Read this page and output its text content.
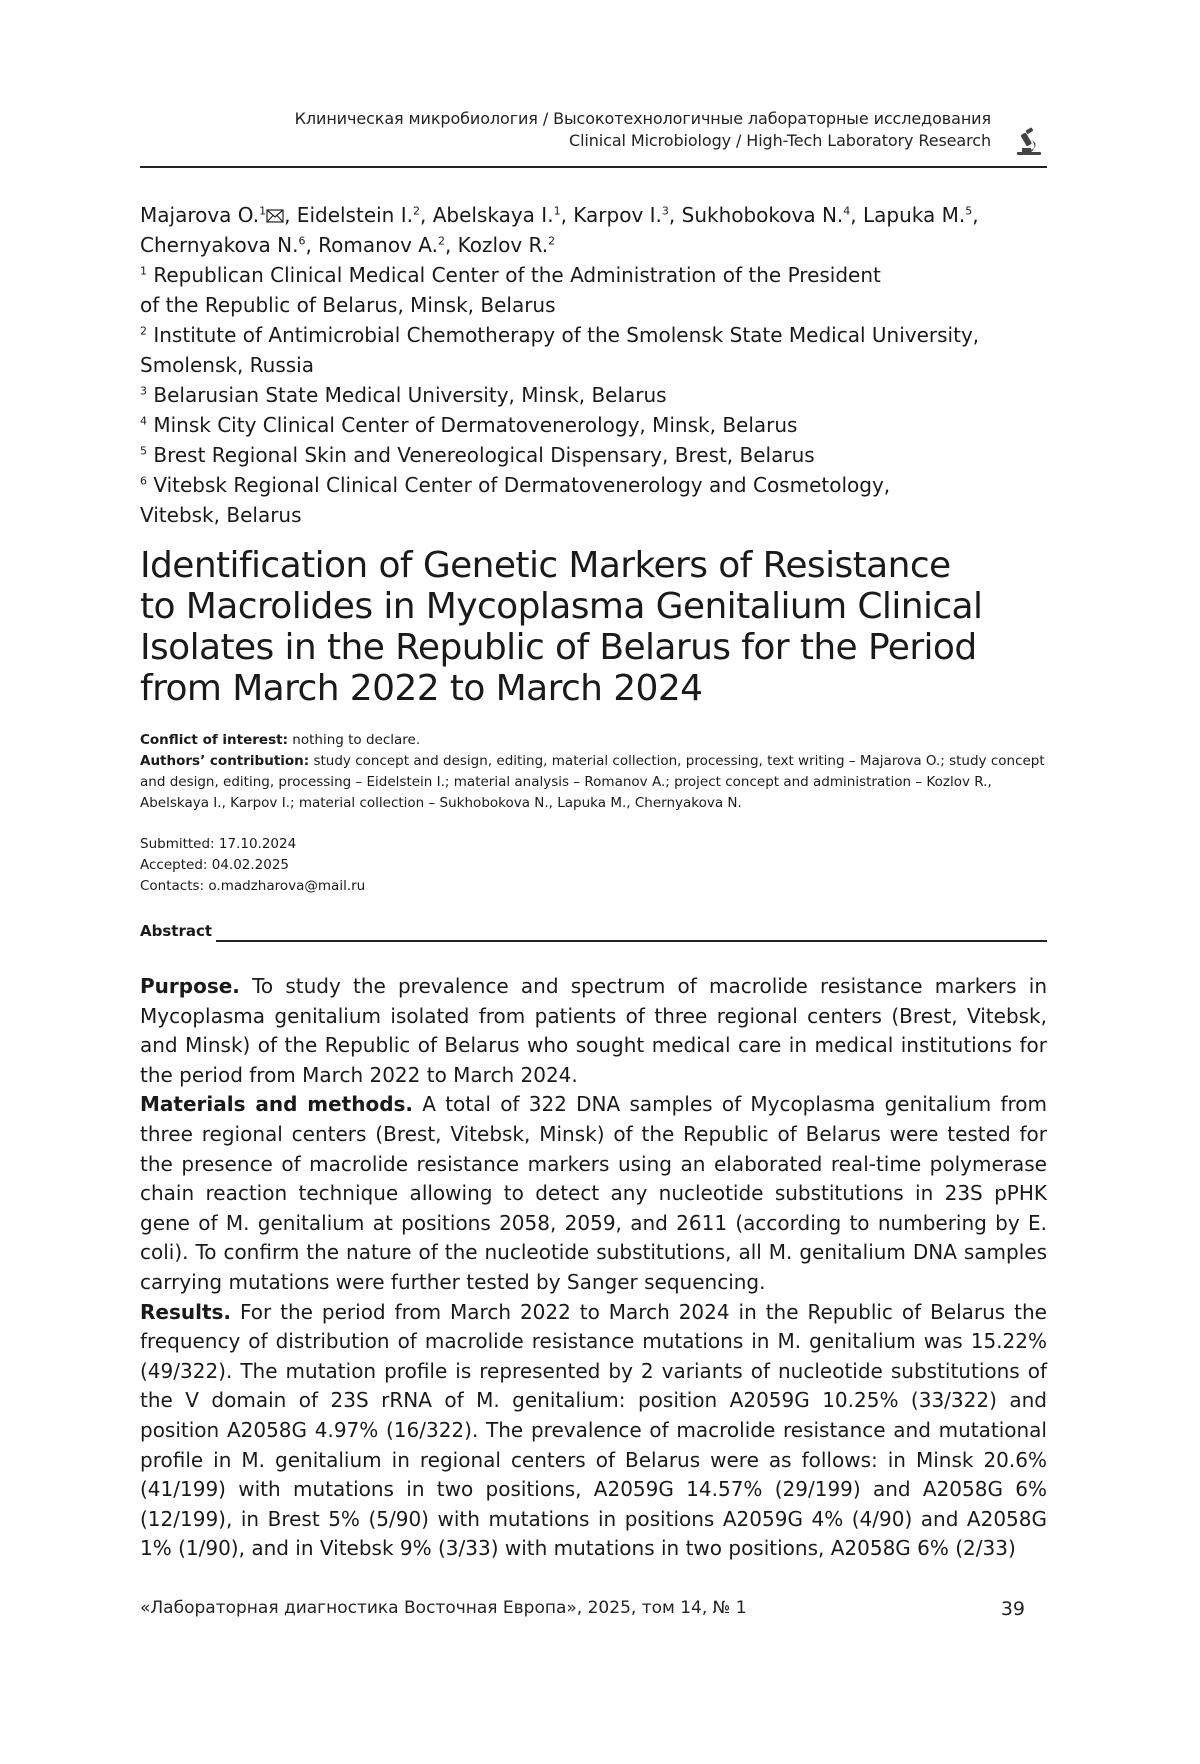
Клиническая микробиология / Высокотехнологичные лабораторные исследования
Clinical Microbiology / High-Tech Laboratory Research
Majarova O.$^1$ , Eidelstein I.$^2$, Abelskaya I.$^1$, Karpov I.$^3$, Sukhobokova N.$^4$, Lapuka M.$^5$,
Chernyakova N.$^6$, Romanov A.$^2$, Kozlov R.$^2$
$^1$ Republican Clinical Medical Center of the Administration of the President
of the Republic of Belarus, Minsk, Belarus
$^2$ Institute of Antimicrobial Chemotherapy of the Smolensk State Medical University,
Smolensk, Russia
$^3$ Belarusian State Medical University, Minsk, Belarus
$^4$ Minsk City Clinical Center of Dermatovenerology, Minsk, Belarus
$^5$ Brest Regional Skin and Venereological Dispensary, Brest, Belarus
$^6$ Vitebsk Regional Clinical Center of Dermatovenerology and Cosmetology,
Vitebsk, Belarus
Identification of Genetic Markers of Resistance
to Macrolides in Mycoplasma Genitalium Clinical
Isolates in the Republic of Belarus for the Period
from March 2022 to March 2024
Conflict of interest: nothing to declare.
Authors’ contribution: study concept and design, editing, material collection, processing, text writing – Majarova O.; study concept and design, editing, processing – Eidelstein I.; material analysis – Romanov A.; project concept and administration – Kozlov R., Abelskaya I., Karpov I.; material collection – Sukhobokova N., Lapuka M., Chernyakova N.
Submitted: 17.10.2024
Accepted: 04.02.2025
Contacts: o.madzharova@mail.ru
Abstract

Purpose. To study the prevalence and spectrum of macrolide resistance markers in Mycoplasma genitalium isolated from patients of three regional centers (Brest, Vitebsk, and Minsk) of the Republic of Belarus who sought medical care in medical institutions for the period from March 2022 to March 2024.

Materials and methods. A total of 322 DNA samples of Mycoplasma genitalium from three regional centers (Brest, Vitebsk, Minsk) of the Republic of Belarus were tested for the presence of macrolide resistance markers using an elaborated real-time polymerase chain reaction technique allowing to detect any nucleotide substitutions in 23S pPHK gene of M. genitalium at positions 2058, 2059, and 2611 (according to numbering by E. coli). To confirm the nature of the nucleotide substitutions, all M. genitalium DNA samples carrying mutations were further tested by Sanger sequencing.

Results. For the period from March 2022 to March 2024 in the Republic of Belarus the frequency of distribution of macrolide resistance mutations in M. genitalium was 15.22% (49/322). The mutation profile is represented by 2 variants of nucleotide substitutions of the V domain of 23S rRNA of M. genitalium: position A2059G 10.25% (33/322) and position A2058G 4.97% (16/322). The prevalence of macrolide resistance and mutational profile in M. genitalium in regional centers of Belarus were as follows: in Minsk 20.6% (41/199) with mutations in two positions, A2059G 14.57% (29/199) and A2058G 6% (12/199), in Brest 5% (5/90) with mutations in positions A2059G 4% (4/90) and A2058G 1% (1/90), and in Vitebsk 9% (3/33) with mutations in two positions, A2058G 6% (2/33)

«Лабораторная диагностика Восточная Европа», 2025, том 14, № 1	39
